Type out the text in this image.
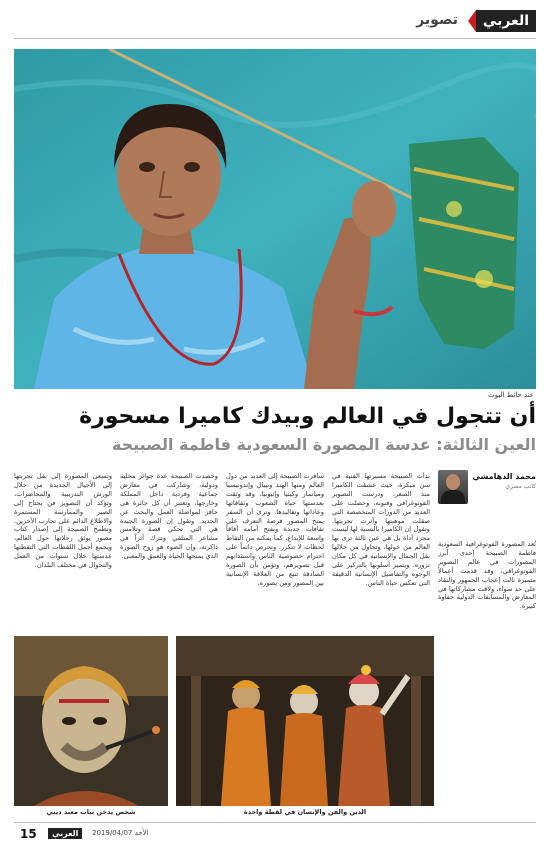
العربي
تصوير
عند حائط اليوت
أن تتجول في العالم وبيدك كاميرا مسحورة
العين الثالثة: عدسة المصورة السعودية فاطمة الصبيحة
محمد الدهامشي
كاتب مصري

تُعد المصورة الفوتوغرافية السعودية فاطمة الصبيحة إحدى أبرز المصورات في عالم التصوير الفوتوغرافي، وقد قدمت أعمالاً متميزة نالت إعجاب الجمهور والنقاد على حد سواء، ولاقت مشاركاتها في المعارض والمسابقات الدولية حفاوة كبيرة.

بدأت الصبيحة مسيرتها الفنية في سن مبكرة، حيث عشقت الكاميرا منذ الصغر، ودرست التصوير الفوتوغرافي وفنونه، وحصلت على العديد من الدورات المتخصصة التي صقلت موهبتها وأثرت تجربتها. وتقول إن الكاميرا بالنسبة لها ليست مجرد أداة بل هي عين ثالثة ترى بها العالم من حولها، وتحاول من خلالها نقل الجمال والإنسانية في كل مكان تزوره. ويتميز أسلوبها بالتركيز على الوجوه والتفاصيل الإنسانية الدقيقة التي تعكس حياة الناس.

سافرت الصبيحة إلى العديد من دول العالم ومنها الهند ونيبال وإندونيسيا وميانمار وكينيا وإثيوبيا، وقد وثقت بعدستها حياة الشعوب وثقافاتها وعاداتها وتقاليدها. وترى أن السفر يمنح المصور فرصة التعرف على ثقافات جديدة ويفتح أمامه آفاقاً واسعة للإبداع، كما يمكنه من التقاط لحظات لا تتكرر. وتحرص دائماً على احترام خصوصية الناس واستئذانهم قبل تصويرهم، وتؤمن بأن الصورة الصادقة تنبع من العلاقة الإنسانية بين المصور ومن يصوره.

وحصدت الصبيحة عدة جوائز محلية ودولية، وشاركت في معارض جماعية وفردية داخل المملكة وخارجها، وتعتبر أن كل جائزة هي حافز لمواصلة العمل والبحث عن الجديد. وتقول إن الصورة الجيدة هي التي تحكي قصة وتلامس مشاعر المتلقي وتترك أثراً في ذاكرته، وإن الضوء هو روح الصورة الذي يمنحها الحياة والعمق والمعنى.

وتسعى المصورة إلى نقل تجربتها إلى الأجيال الجديدة من خلال الورش التدريبية والمحاضرات، وتؤكد أن التصوير فن يحتاج إلى الصبر والممارسة المستمرة والاطلاع الدائم على تجارب الآخرين. وتطمح الصبيحة إلى إصدار كتاب مصور يوثق رحلاتها حول العالم، ويجمع أجمل اللقطات التي التقطتها عدستها خلال سنوات من العمل والتجوال في مختلف البلدان.

شخص يدخن بباب معبد ديني	الدين والفن والإنسان في لقطة واحدة
15	العربي	الأحد 2019/04/07
